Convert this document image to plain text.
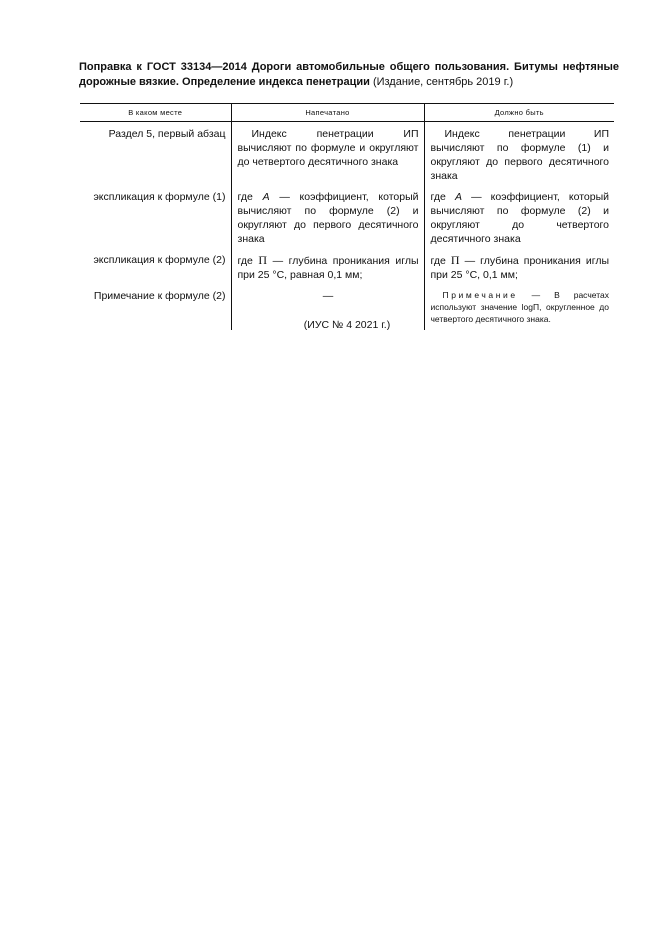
Поправка к ГОСТ 33134—2014 Дороги автомобильные общего пользования. Битумы нефтяные дорожные вязкие. Определение индекса пенетрации (Издание, сентябрь 2019 г.)
В каком месте	Напечатано	Должно быть
Раздел 5, первый абзац	Индекс пенетрации ИП вычисляют по формуле и округляют до четвертого десятичного знака	Индекс пенетрации ИП вычисляют по формуле (1) и округляют до первого десятичного знака
экспликация к формуле (1)	где A — коэффициент, который вычисляют по формуле (2) и округляют до первого десятичного знака	где A — коэффициент, который вычисляют по формуле (2) и округляют до четвертого десятичного знака
экспликация к формуле (2)	где П — глубина проникания иглы при 25 °С, равная 0,1 мм;	где П — глубина проникания иглы при 25 °С, 0,1 мм;
Примечание к формуле (2)	—	Примечание — В расчетах используют значение logП, округленное до четвертого десятичного знака.
(ИУС № 4 2021 г.)
